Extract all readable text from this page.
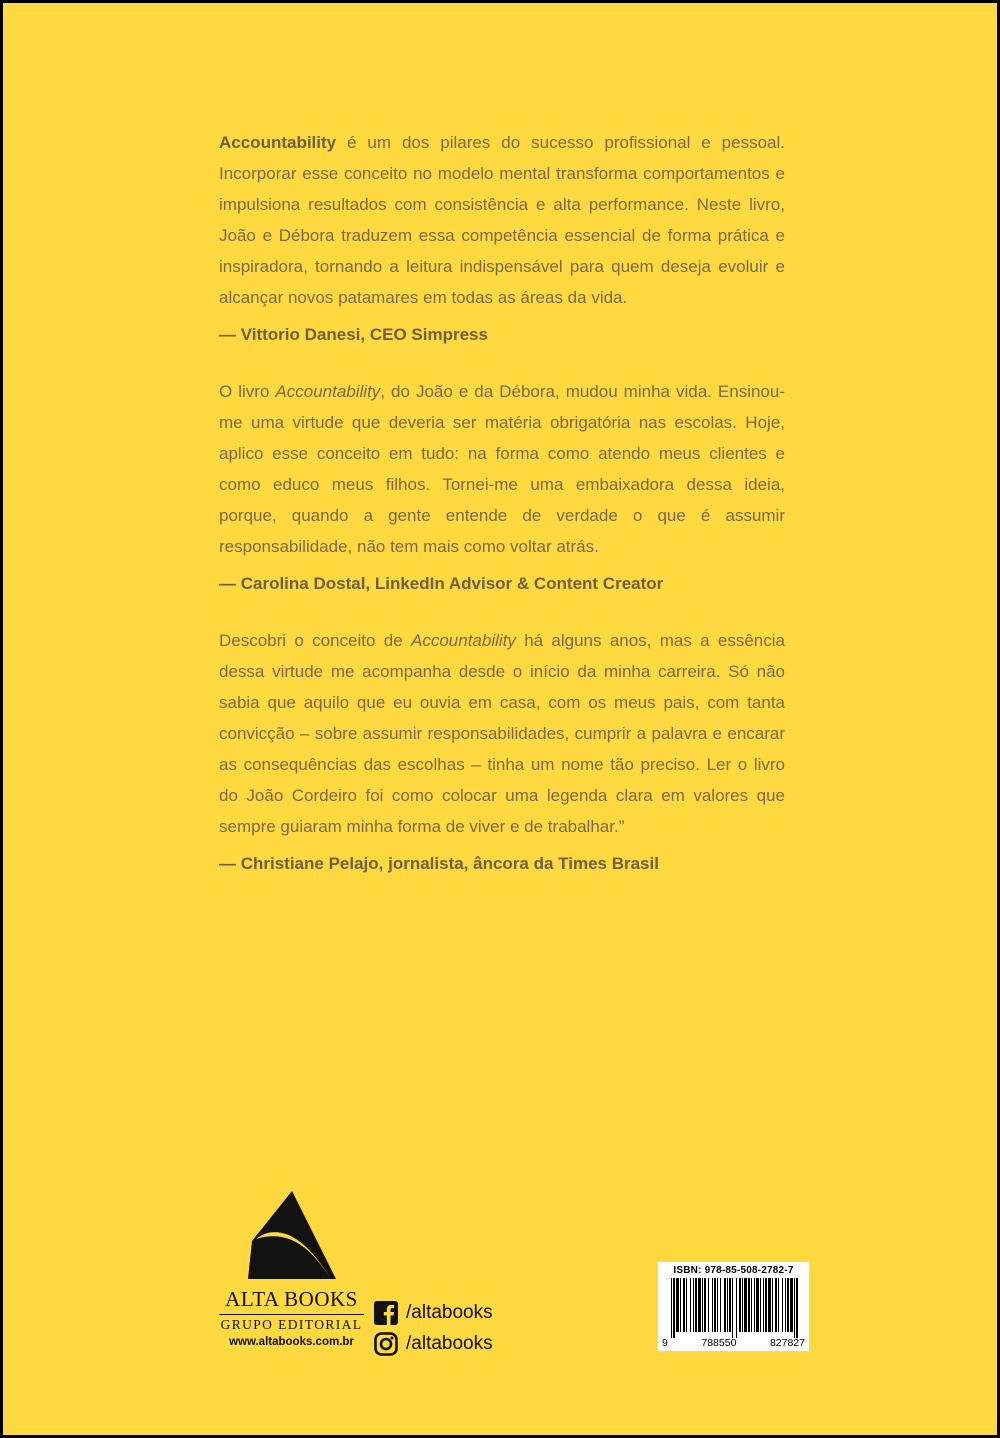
Accountability é um dos pilares do sucesso profissional e pessoal. Incorporar esse conceito no modelo mental transforma comportamentos e impulsiona resultados com consistência e alta performance. Neste livro, João e Débora traduzem essa competência essencial de forma prática e inspiradora, tornando a leitura indispensável para quem deseja evoluir e alcançar novos patamares em todas as áreas da vida.

— Vittorio Danesi, CEO Simpress

O livro Accountability, do João e da Débora, mudou minha vida. Ensinou-me uma virtude que deveria ser matéria obrigatória nas escolas. Hoje, aplico esse conceito em tudo: na forma como atendo meus clientes e como educo meus filhos. Tornei-me uma embaixadora dessa ideia, porque, quando a gente entende de verdade o que é assumir responsabilidade, não tem mais como voltar atrás.

— Carolina Dostal, LinkedIn Advisor & Content Creator

Descobri o conceito de Accountability há alguns anos, mas a essência dessa virtude me acompanha desde o início da minha carreira. Só não sabia que aquilo que eu ouvia em casa, com os meus pais, com tanta convicção – sobre assumir responsabilidades, cumprir a palavra e encarar as consequências das escolhas – tinha um nome tão preciso. Ler o livro do João Cordeiro foi como colocar uma legenda clara em valores que sempre guiaram minha forma de viver e de trabalhar.”

— Christiane Pelajo, jornalista, âncora da Times Brasil
ALTA BOOKS
GRUPO EDITORIAL
www.altabooks.com.br
/altabooks
/altabooks
ISBN: 978-85-508-2782-7
9	788550	827827
